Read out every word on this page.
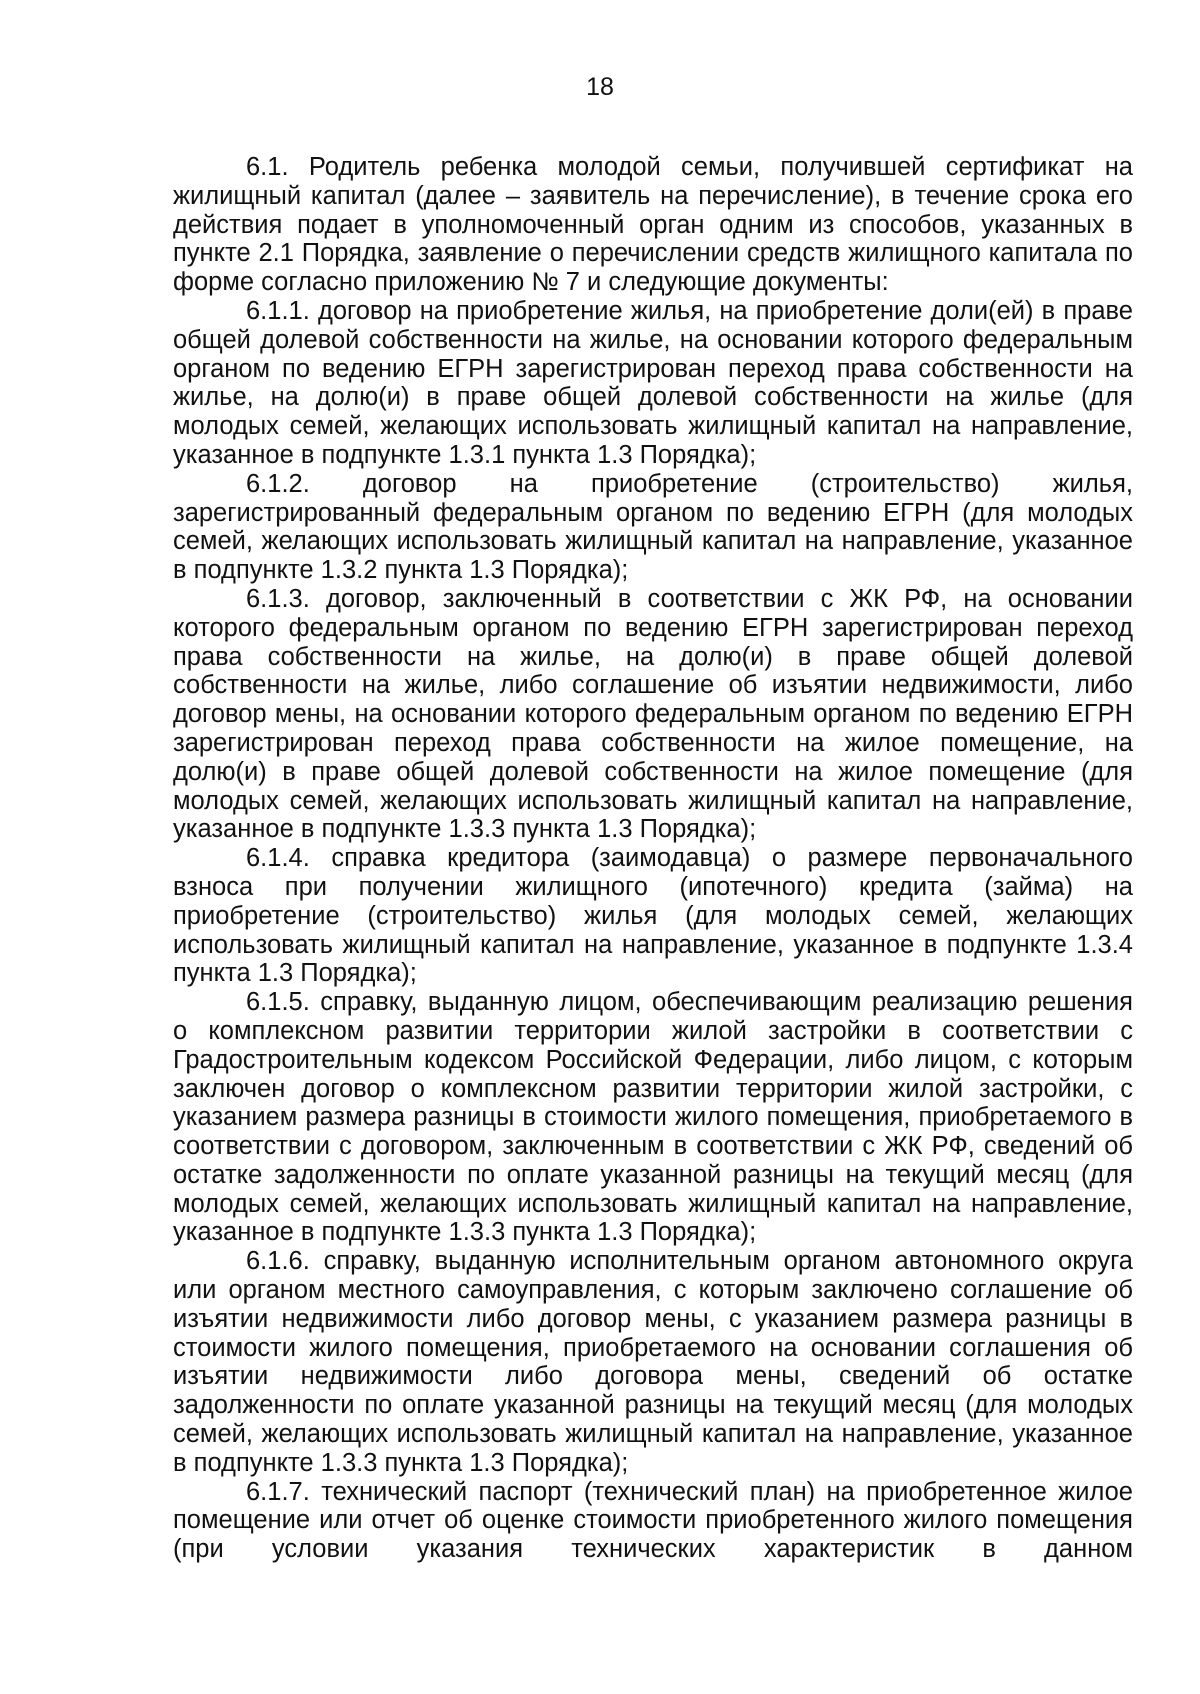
18

6.1. Родитель ребенка молодой семьи, получившей сертификат на жилищный капитал (далее – заявитель на перечисление), в течение срока его действия подает в уполномоченный орган одним из способов, указанных в пункте 2.1 Порядка, заявление о перечислении средств жилищного капитала по форме согласно приложению № 7 и следующие документы:

6.1.1. договор на приобретение жилья, на приобретение доли(ей) в праве общей долевой собственности на жилье, на основании которого федеральным органом по ведению ЕГРН зарегистрирован переход права собственности на жилье, на долю(и) в праве общей долевой собственности на жилье (для молодых семей, желающих использовать жилищный капитал на направление, указанное в подпункте 1.3.1 пункта 1.3 Порядка);

6.1.2. договор на приобретение (строительство) жилья, зарегистрированный федеральным органом по ведению ЕГРН (для молодых семей, желающих использовать жилищный капитал на направление, указанное в подпункте 1.3.2 пункта 1.3 Порядка);

6.1.3. договор, заключенный в соответствии с ЖК РФ, на основании которого федеральным органом по ведению ЕГРН зарегистрирован переход права собственности на жилье, на долю(и) в праве общей долевой собственности на жилье, либо соглашение об изъятии недвижимости, либо договор мены, на основании которого федеральным органом по ведению ЕГРН зарегистрирован переход права собственности на жилое помещение, на долю(и) в праве общей долевой собственности на жилое помещение (для молодых семей, желающих использовать жилищный капитал на направление, указанное в подпункте 1.3.3 пункта 1.3 Порядка);

6.1.4. справка кредитора (заимодавца) о размере первоначального взноса при получении жилищного (ипотечного) кредита (займа) на приобретение (строительство) жилья (для молодых семей, желающих использовать жилищный капитал на направление, указанное в подпункте 1.3.4 пункта 1.3 Порядка);

6.1.5. справку, выданную лицом, обеспечивающим реализацию решения о комплексном развитии территории жилой застройки в соответствии с Градостроительным кодексом Российской Федерации, либо лицом, с которым заключен договор о комплексном развитии территории жилой застройки, с указанием размера разницы в стоимости жилого помещения, приобретаемого в соответствии с договором, заключенным в соответствии с ЖК РФ, сведений об остатке задолженности по оплате указанной разницы на текущий месяц (для молодых семей, желающих использовать жилищный капитал на направление, указанное в подпункте 1.3.3 пункта 1.3 Порядка);

6.1.6. справку, выданную исполнительным органом автономного округа или органом местного самоуправления, с которым заключено соглашение об изъятии недвижимости либо договор мены, с указанием размера разницы в стоимости жилого помещения, приобретаемого на основании соглашения об изъятии недвижимости либо договора мены, сведений об остатке задолженности по оплате указанной разницы на текущий месяц (для молодых семей, желающих использовать жилищный капитал на направление, указанное в подпункте 1.3.3 пункта 1.3 Порядка);

6.1.7. технический паспорт (технический план) на приобретенное жилое помещение или отчет об оценке стоимости приобретенного жилого помещения (при условии указания технических характеристик в данном
